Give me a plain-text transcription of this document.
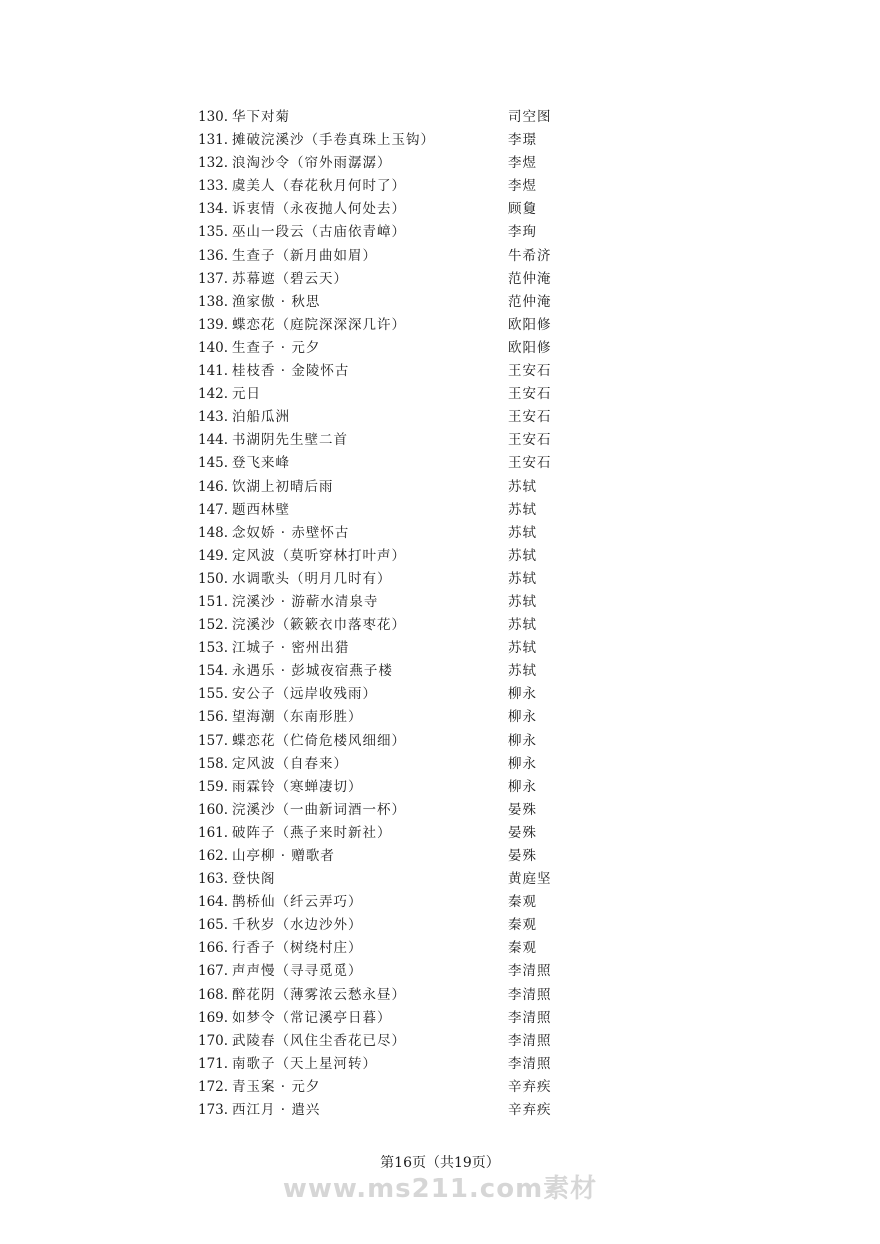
130. 华下对菊	司空图
131. 摊破浣溪沙（手卷真珠上玉钩）	李璟
132. 浪淘沙令（帘外雨潺潺）	李煜
133. 虞美人（春花秋月何时了）	李煜
134. 诉衷情（永夜抛人何处去）	顾敻
135. 巫山一段云（古庙依青嶂）	李珣
136. 生查子（新月曲如眉）	牛希济
137. 苏幕遮（碧云天）	范仲淹
138. 渔家傲 · 秋思	范仲淹
139. 蝶恋花（庭院深深深几许）	欧阳修
140. 生查子 · 元夕	欧阳修
141. 桂枝香 · 金陵怀古	王安石
142. 元日	王安石
143. 泊船瓜洲	王安石
144. 书湖阴先生壁二首	王安石
145. 登飞来峰	王安石
146. 饮湖上初晴后雨	苏轼
147. 题西林壁	苏轼
148. 念奴娇 · 赤壁怀古	苏轼
149. 定风波（莫听穿林打叶声）	苏轼
150. 水调歌头（明月几时有）	苏轼
151. 浣溪沙 · 游蕲水清泉寺	苏轼
152. 浣溪沙（簌簌衣巾落枣花）	苏轼
153. 江城子 · 密州出猎	苏轼
154. 永遇乐 · 彭城夜宿燕子楼	苏轼
155. 安公子（远岸收残雨）	柳永
156. 望海潮（东南形胜）	柳永
157. 蝶恋花（伫倚危楼风细细）	柳永
158. 定风波（自春来）	柳永
159. 雨霖铃（寒蝉凄切）	柳永
160. 浣溪沙（一曲新词酒一杯）	晏殊
161. 破阵子（燕子来时新社）	晏殊
162. 山亭柳 · 赠歌者	晏殊
163. 登快阁	黄庭坚
164. 鹊桥仙（纤云弄巧）	秦观
165. 千秋岁（水边沙外）	秦观
166. 行香子（树绕村庄）	秦观
167. 声声慢（寻寻觅觅）	李清照
168. 醉花阴（薄雾浓云愁永昼）	李清照
169. 如梦令（常记溪亭日暮）	李清照
170. 武陵春（风住尘香花已尽）	李清照
171. 南歌子（天上星河转）	李清照
172. 青玉案 · 元夕	辛弃疾
173. 西江月 · 遣兴	辛弃疾
第16页（共19页）
www.ms211.com素材
